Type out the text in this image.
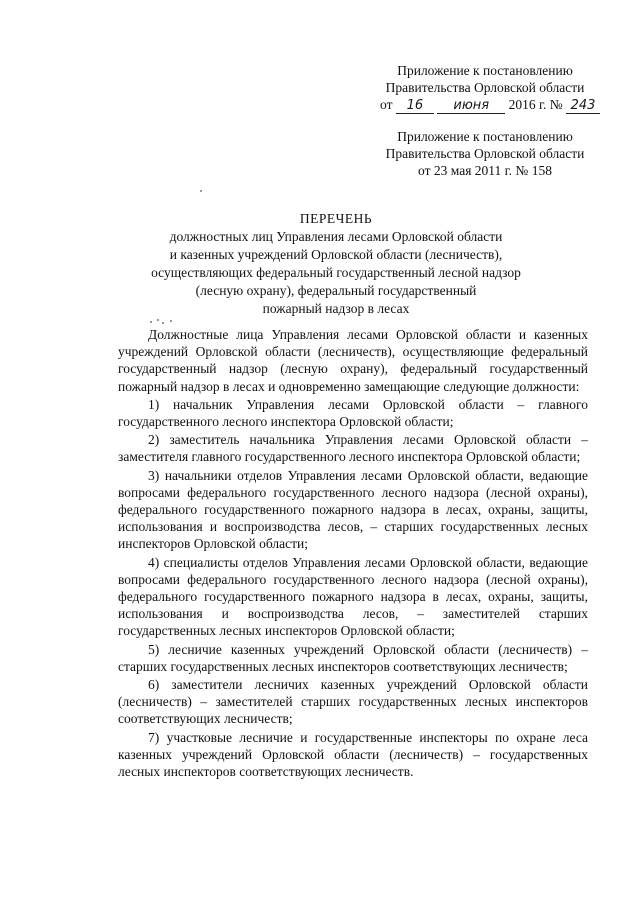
Приложение к постановлению
Правительства Орловской области
от 16 июня 2016 г. № 243
Приложение к постановлению
Правительства Орловской области
от 23 мая 2011 г. № 158
ПЕРЕЧЕНЬ
должностных лиц Управления лесами Орловской области
и казенных учреждений Орловской области (лесничеств),
осуществляющих федеральный государственный лесной надзор
(лесную охрану), федеральный государственный
пожарный надзор в лесах

Должностные лица Управления лесами Орловской области и казенных учреждений Орловской области (лесничеств), осуществляющие федеральный государственный надзор (лесную охрану), федеральный государственный пожарный надзор в лесах и одновременно замещающие следующие должности:

1) начальник Управления лесами Орловской области – главного государственного лесного инспектора Орловской области;

2) заместитель начальника Управления лесами Орловской области – заместителя главного государственного лесного инспектора Орловской области;

3) начальники отделов Управления лесами Орловской области, ведающие вопросами федерального государственного лесного надзора (лесной охраны), федерального государственного пожарного надзора в лесах, охраны, защиты, использования и воспроизводства лесов, – старших государственных лесных инспекторов Орловской области;

4) специалисты отделов Управления лесами Орловской области, ведающие вопросами федерального государственного лесного надзора (лесной охраны), федерального государственного пожарного надзора в лесах, охраны, защиты, использования и воспроизводства лесов, – заместителей старших государственных лесных инспекторов Орловской области;

5) лесничие казенных учреждений Орловской области (лесничеств) – старших государственных лесных инспекторов соответствующих лесничеств;

6) заместители лесничих казенных учреждений Орловской области (лесничеств) – заместителей старших государственных лесных инспекторов соответствующих лесничеств;

7) участковые лесничие и государственные инспекторы по охране леса казенных учреждений Орловской области (лесничеств) – государственных лесных инспекторов соответствующих лесничеств.
